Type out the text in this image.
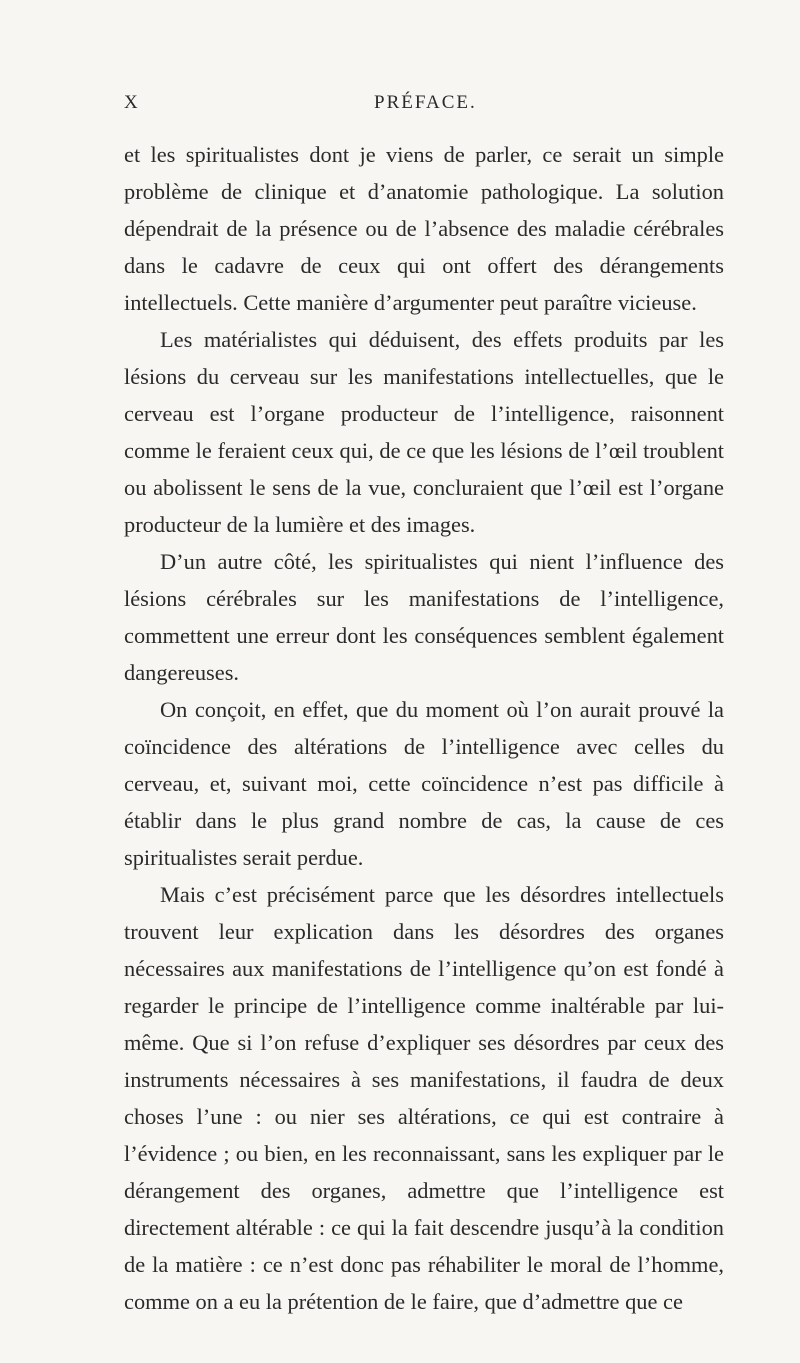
X	PRÉFACE.

et les spiritualistes dont je viens de parler, ce serait un simple problème de clinique et d’anatomie pathologique. La solution dépendrait de la présence ou de l’absence des maladie cérébrales dans le cadavre de ceux qui ont offert des dérangements intellectuels. Cette manière d’argumenter peut paraître vicieuse.

Les matérialistes qui déduisent, des effets produits par les lésions du cerveau sur les manifestations intellectuelles, que le cerveau est l’organe producteur de l’intelligence, raisonnent comme le feraient ceux qui, de ce que les lésions de l’œil troublent ou abolissent le sens de la vue, concluraient que l’œil est l’organe producteur de la lumière et des images.

D’un autre côté, les spiritualistes qui nient l’influence des lésions cérébrales sur les manifestations de l’intelligence, commettent une erreur dont les conséquences semblent également dangereuses.

On conçoit, en effet, que du moment où l’on aurait prouvé la coïncidence des altérations de l’intelligence avec celles du cerveau, et, suivant moi, cette coïncidence n’est pas difficile à établir dans le plus grand nombre de cas, la cause de ces spiritualistes serait perdue.

Mais c’est précisément parce que les désordres intellectuels trouvent leur explication dans les désordres des organes nécessaires aux manifestations de l’intelligence qu’on est fondé à regarder le principe de l’intelligence comme inaltérable par lui-même. Que si l’on refuse d’expliquer ses désordres par ceux des instruments nécessaires à ses manifestations, il faudra de deux choses l’une : ou nier ses altérations, ce qui est contraire à l’évidence ; ou bien, en les reconnaissant, sans les expliquer par le dérangement des organes, admettre que l’intelligence est directement altérable : ce qui la fait descendre jusqu’à la condition de la matière : ce n’est donc pas réhabiliter le moral de l’homme, comme on a eu la prétention de le faire, que d’admettre que ce
